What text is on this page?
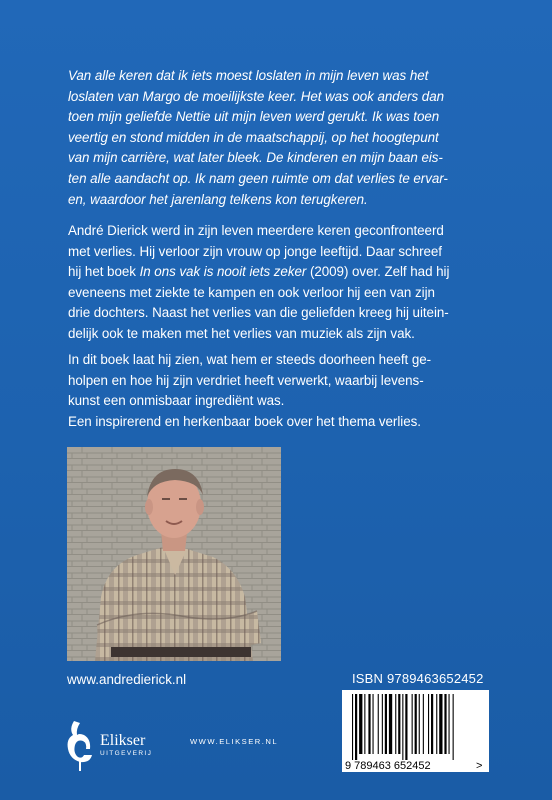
Van alle keren dat ik iets moest loslaten in mijn leven was het
loslaten van Margo de moeilijkste keer. Het was ook anders dan
toen mijn geliefde Nettie uit mijn leven werd gerukt. Ik was toen
veertig en stond midden in de maatschappij, op het hoogtepunt
van mijn carrière, wat later bleek. De kinderen en mijn baan eis-
ten alle aandacht op. Ik nam geen ruimte om dat verlies te ervar-
en, waardoor het jarenlang telkens kon terugkeren.
André Dierick werd in zijn leven meerdere keren geconfronteerd
met verlies. Hij verloor zijn vrouw op jonge leeftijd. Daar schreef
hij het boek In ons vak is nooit iets zeker (2009) over. Zelf had hij
eveneens met ziekte te kampen en ook verloor hij een van zijn
drie dochters. Naast het verlies van die geliefden kreeg hij uitein-
delijk ook te maken met het verlies van muziek als zijn vak.
In dit boek laat hij zien, wat hem er steeds doorheen heeft ge-
holpen en hoe hij zijn verdriet heeft verwerkt, waarbij levens-
kunst een onmisbaar ingrediënt was.
Een inspirerend en herkenbaar boek over het thema verlies.
www.andredierick.nl	ISBN 9789463652452
9 789463 652452	>
Elikser
UITGEVERIJ
WWW.ELIKSER.NL
